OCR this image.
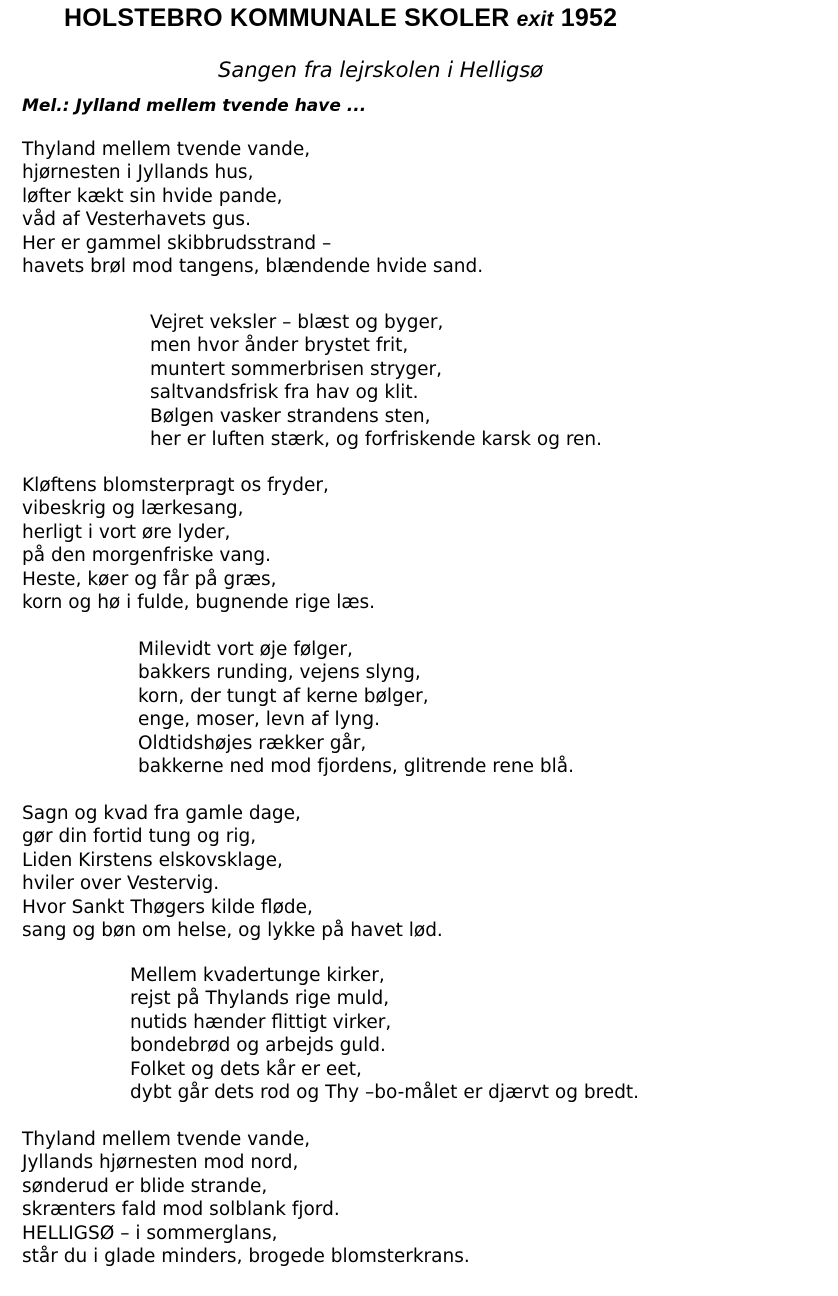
HOLSTEBRO KOMMUNALE SKOLER exit 1952
Sangen fra lejrskolen i Helligsø
Mel.: Jylland mellem tvende have ...
Thyland mellem tvende vande,
hjørnesten i Jyllands hus,
løfter kækt sin hvide pande,
våd af Vesterhavets gus.
Her er gammel skibbrudsstrand –
havets brøl mod tangens, blændende hvide sand.
Vejret veksler – blæst og byger,
men hvor ånder brystet frit,
muntert sommerbrisen stryger,
saltvandsfrisk fra hav og klit.
Bølgen vasker strandens sten,
her er luften stærk, og forfriskende karsk og ren.
Kløftens blomsterpragt os fryder,
vibeskrig og lærkesang,
herligt i vort øre lyder,
på den morgenfriske vang.
Heste, køer og får på græs,
korn og hø i fulde, bugnende rige læs.
Milevidt vort øje følger,
bakkers runding, vejens slyng,
korn, der tungt af kerne bølger,
enge, moser, levn af lyng.
Oldtidshøjes rækker går,
bakkerne ned mod fjordens, glitrende rene blå.
Sagn og kvad fra gamle dage,
gør din fortid tung og rig,
Liden Kirstens elskovsklage,
hviler over Vestervig.
Hvor Sankt Thøgers kilde fløde,
sang og bøn om helse, og lykke på havet lød.
Mellem kvadertunge kirker,
rejst på Thylands rige muld,
nutids hænder flittigt virker,
bondebrød og arbejds guld.
Folket og dets kår er eet,
dybt går dets rod og Thy –bo-målet er djærvt og bredt.
Thyland mellem tvende vande,
Jyllands hjørnesten mod nord,
sønderud er blide strande,
skrænters fald mod solblank fjord.
HELLIGSØ – i sommerglans,
står du i glade minders, brogede blomsterkrans.
